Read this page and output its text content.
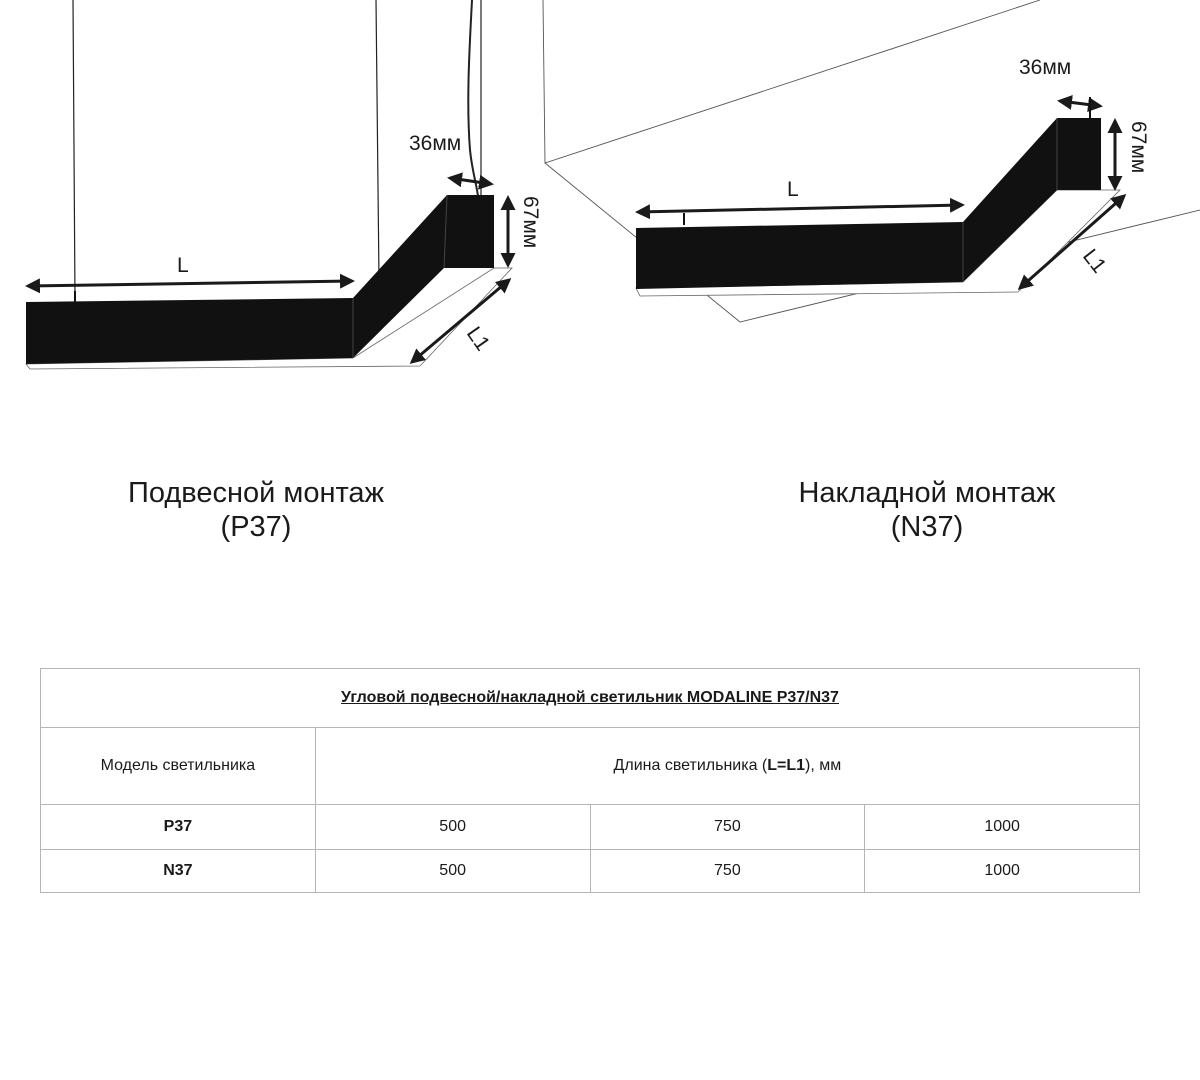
L
36мм
67мм
L1
L
36мм
67мм
L1
Подвесной монтаж
(P37)
Накладной монтаж
(N37)
Угловой подвесной/накладной светильник MODALINE P37/N37			
Модель светильника	Длина светильника (L=L1), мм		
P37	500	750	1000
N37	500	750	1000
